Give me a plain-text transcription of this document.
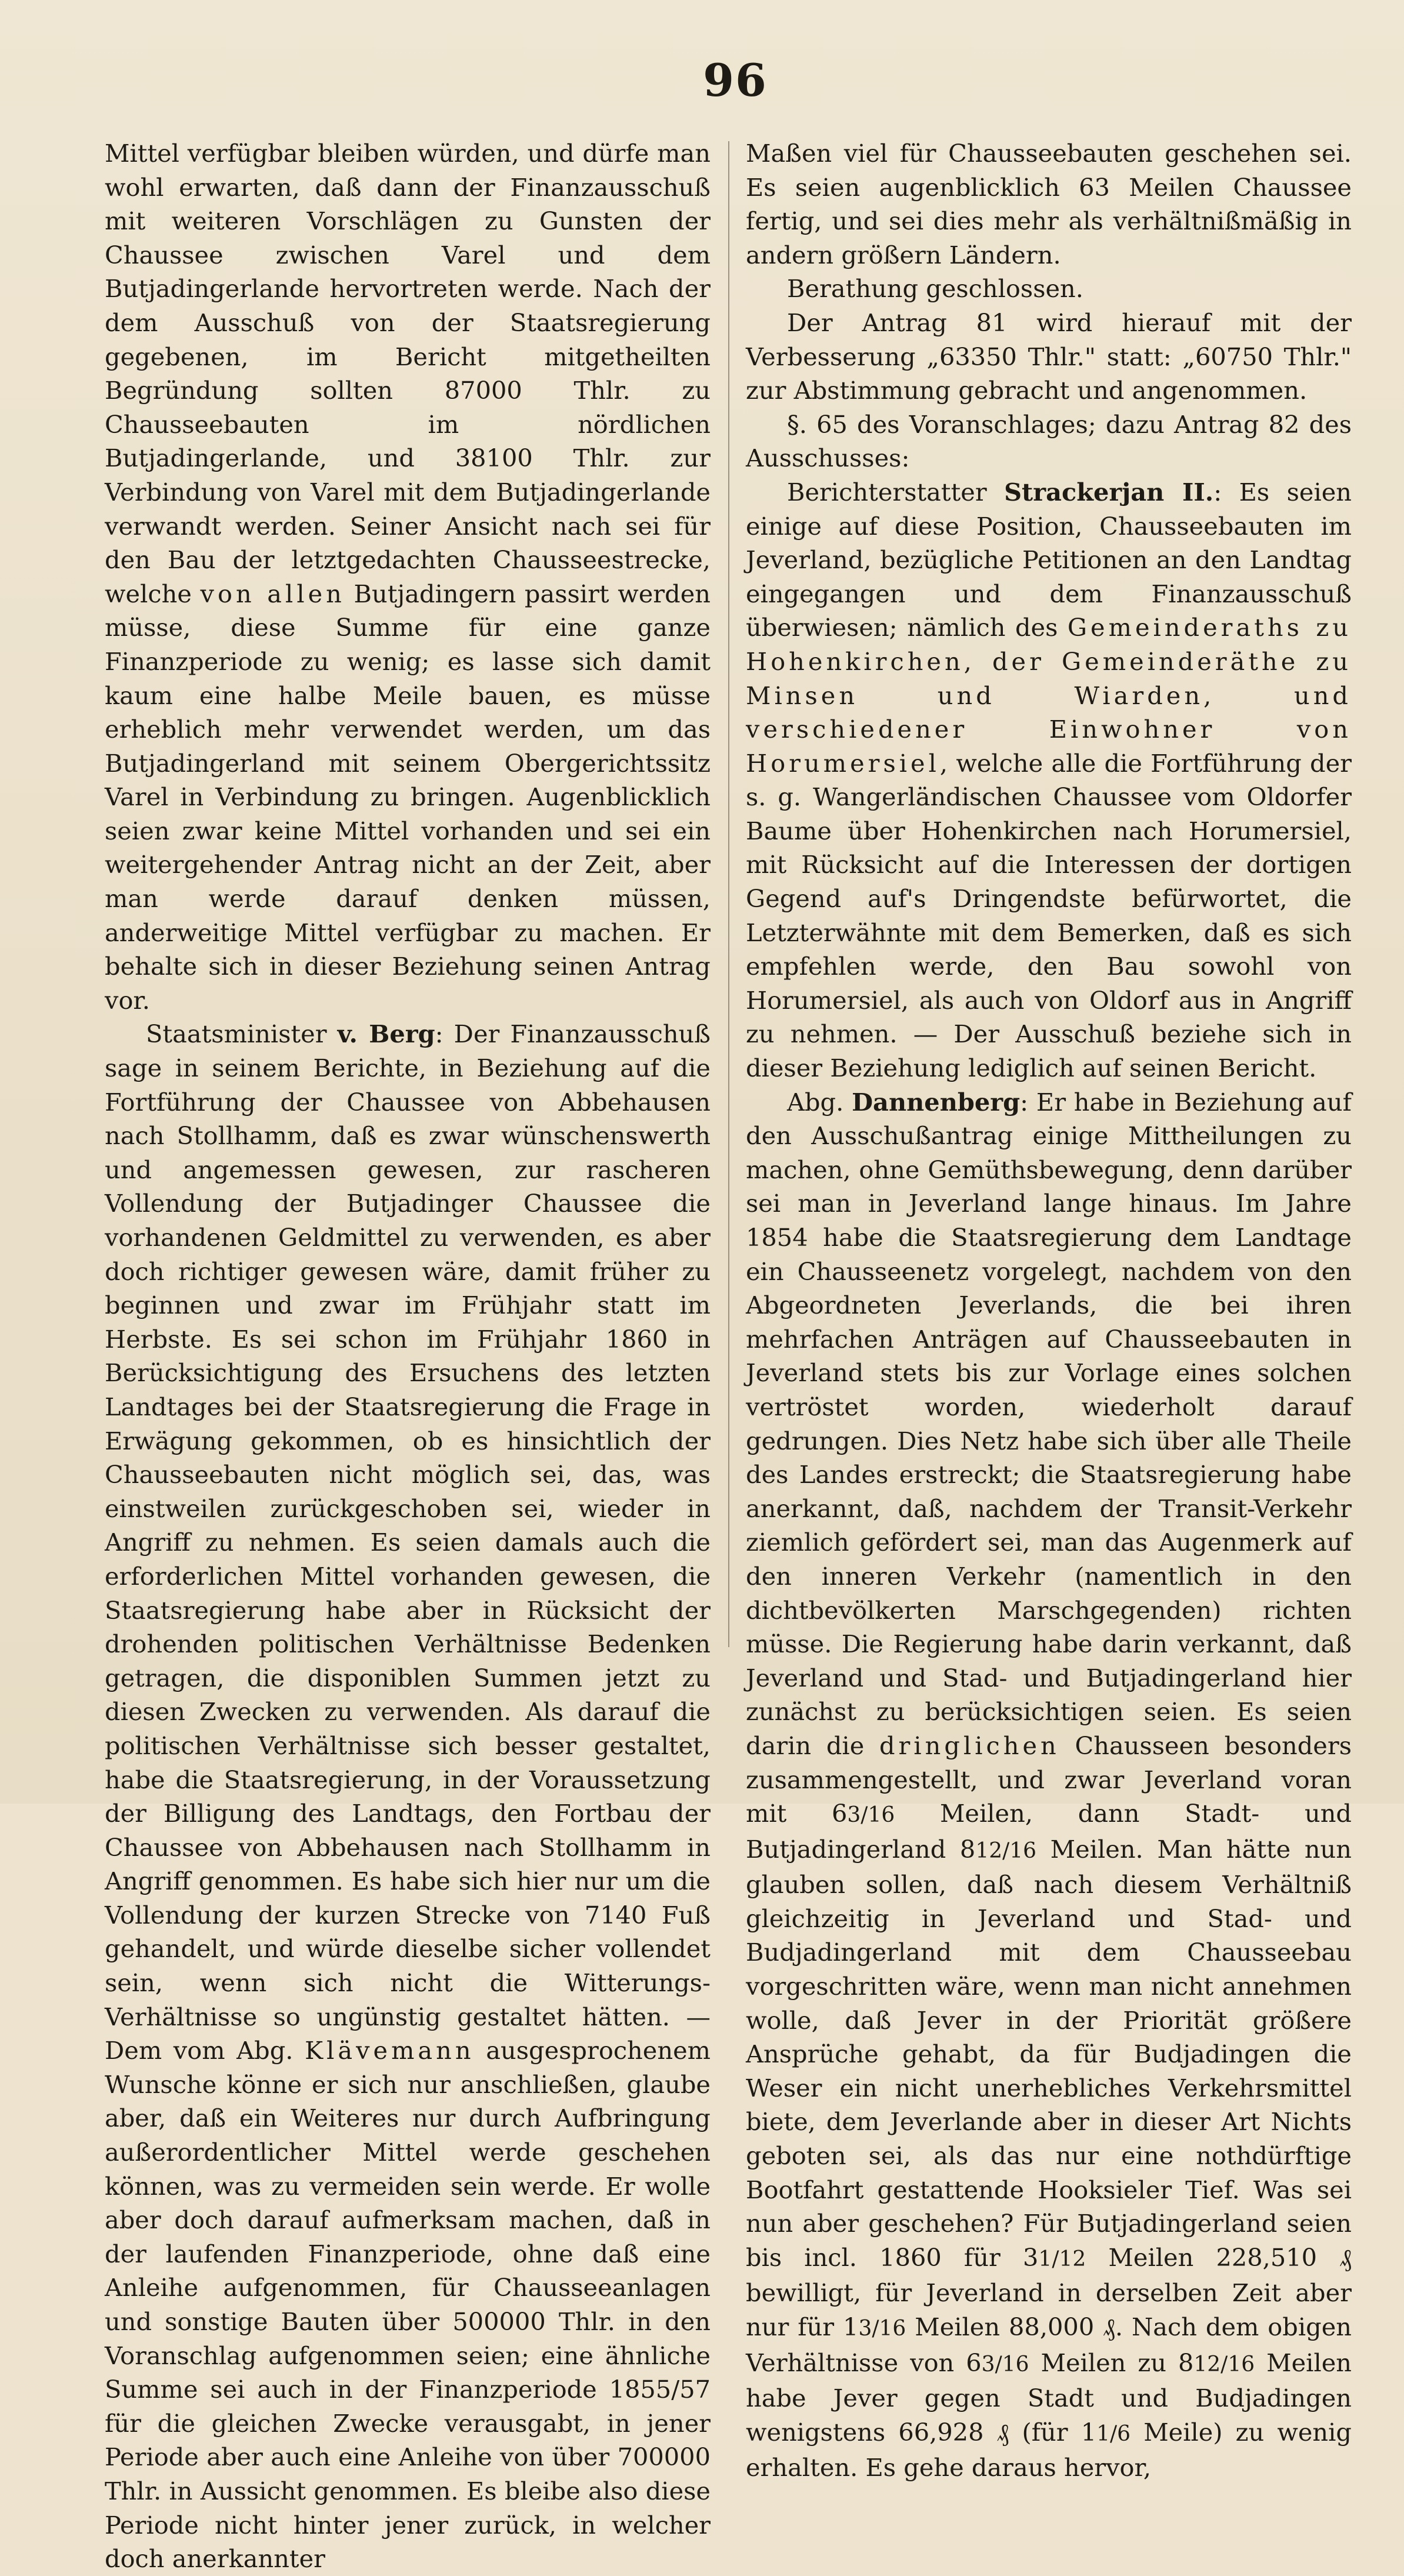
96

Mittel verfügbar bleiben würden, und dürfe man wohl erwarten, daß dann der Finanzausschuß mit weiteren Vorschlägen zu Gunsten der Chaussee zwischen Varel und dem Butjadingerlande hervortreten werde. Nach der dem Ausschuß von der Staatsregierung gegebenen, im Bericht mitgetheilten Begründung sollten 87000 Thlr. zu Chausseebauten im nördlichen Butjadingerlande, und 38100 Thlr. zur Verbindung von Varel mit dem Butjadingerlande verwandt werden. Seiner Ansicht nach sei für den Bau der letztgedachten Chausseestrecke, welche von allen Butjadingern passirt werden müsse, diese Summe für eine ganze Finanzperiode zu wenig; es lasse sich damit kaum eine halbe Meile bauen, es müsse erheblich mehr verwendet werden, um das Butjadingerland mit seinem Obergerichtssitz Varel in Verbindung zu bringen. Augenblicklich seien zwar keine Mittel vorhanden und sei ein weitergehender Antrag nicht an der Zeit, aber man werde darauf denken müssen, anderweitige Mittel verfügbar zu machen. Er behalte sich in dieser Beziehung seinen Antrag vor.

Staatsminister v. Berg: Der Finanzausschuß sage in seinem Berichte, in Beziehung auf die Fortführung der Chaussee von Abbehausen nach Stollhamm, daß es zwar wünschenswerth und angemessen gewesen, zur rascheren Vollendung der Butjadinger Chaussee die vorhandenen Geldmittel zu verwenden, es aber doch richtiger gewesen wäre, damit früher zu beginnen und zwar im Frühjahr statt im Herbste. Es sei schon im Frühjahr 1860 in Berücksichtigung des Ersuchens des letzten Landtages bei der Staatsregierung die Frage in Erwägung gekommen, ob es hinsichtlich der Chausseebauten nicht möglich sei, das, was einstweilen zurückgeschoben sei, wieder in Angriff zu nehmen. Es seien damals auch die erforderlichen Mittel vorhanden gewesen, die Staatsregierung habe aber in Rücksicht der drohenden politischen Verhältnisse Bedenken getragen, die disponiblen Summen jetzt zu diesen Zwecken zu verwenden. Als darauf die politischen Verhältnisse sich besser gestaltet, habe die Staatsregierung, in der Voraussetzung der Billigung des Landtags, den Fortbau der Chaussee von Abbehausen nach Stollhamm in Angriff genommen. Es habe sich hier nur um die Vollendung der kurzen Strecke von 7140 Fuß gehandelt, und würde dieselbe sicher vollendet sein, wenn sich nicht die Witterungs-Verhältnisse so ungünstig gestaltet hätten. — Dem vom Abg. Klävemann ausgesprochenem Wunsche könne er sich nur anschließen, glaube aber, daß ein Weiteres nur durch Aufbringung außerordentlicher Mittel werde geschehen können, was zu vermeiden sein werde. Er wolle aber doch darauf aufmerksam machen, daß in der laufenden Finanzperiode, ohne daß eine Anleihe aufgenommen, für Chausseeanlagen und sonstige Bauten über 500000 Thlr. in den Voranschlag aufgenommen seien; eine ähnliche Summe sei auch in der Finanzperiode 1855/57 für die gleichen Zwecke verausgabt, in jener Periode aber auch eine Anleihe von über 700000 Thlr. in Aussicht genommen. Es bleibe also diese Periode nicht hinter jener zurück, in welcher doch anerkannter

Maßen viel für Chausseebauten geschehen sei. Es seien augenblicklich 63 Meilen Chaussee fertig, und sei dies mehr als verhältnißmäßig in andern größern Ländern.

Berathung geschlossen.

Der Antrag 81 wird hierauf mit der Verbesserung „63350 Thlr." statt: „60750 Thlr." zur Abstimmung gebracht und angenommen.

§. 65 des Voranschlages; dazu Antrag 82 des Ausschusses:

Berichterstatter Strackerjan II.: Es seien einige auf diese Position, Chausseebauten im Jeverland, bezügliche Petitionen an den Landtag eingegangen und dem Finanzausschuß überwiesen; nämlich des Gemeinderaths zu Hohenkirchen, der Gemeinderäthe zu Minsen und Wiarden, und verschiedener Einwohner von Horumersiel, welche alle die Fortführung der s. g. Wangerländischen Chaussee vom Oldorfer Baume über Hohenkirchen nach Horumersiel, mit Rücksicht auf die Interessen der dortigen Gegend auf's Dringendste befürwortet, die Letzterwähnte mit dem Bemerken, daß es sich empfehlen werde, den Bau sowohl von Horumersiel, als auch von Oldorf aus in Angriff zu nehmen. — Der Ausschuß beziehe sich in dieser Beziehung lediglich auf seinen Bericht.

Abg. Dannenberg: Er habe in Beziehung auf den Ausschußantrag einige Mittheilungen zu machen, ohne Gemüthsbewegung, denn darüber sei man in Jeverland lange hinaus. Im Jahre 1854 habe die Staatsregierung dem Landtage ein Chausseenetz vorgelegt, nachdem von den Abgeordneten Jeverlands, die bei ihren mehrfachen Anträgen auf Chausseebauten in Jeverland stets bis zur Vorlage eines solchen vertröstet worden, wiederholt darauf gedrungen. Dies Netz habe sich über alle Theile des Landes erstreckt; die Staatsregierung habe anerkannt, daß, nachdem der Transit-Verkehr ziemlich gefördert sei, man das Augenmerk auf den inneren Verkehr (namentlich in den dichtbevölkerten Marschgegenden) richten müsse. Die Regierung habe darin verkannt, daß Jeverland und Stad- und Butjadingerland hier zunächst zu berücksichtigen seien. Es seien darin die dringlichen Chausseen besonders zusammengestellt, und zwar Jeverland voran mit 63/16 Meilen, dann Stadt- und Butjadingerland 812/16 Meilen. Man hätte nun glauben sollen, daß nach diesem Verhältniß gleichzeitig in Jeverland und Stad- und Budjadingerland mit dem Chausseebau vorgeschritten wäre, wenn man nicht annehmen wolle, daß Jever in der Priorität größere Ansprüche gehabt, da für Budjadingen die Weser ein nicht unerhebliches Verkehrsmittel biete, dem Jeverlande aber in dieser Art Nichts geboten sei, als das nur eine nothdürftige Bootfahrt gestattende Hooksieler Tief. Was sei nun aber geschehen? Für Butjadingerland seien bis incl. 1860 für 31/12 Meilen 228,510 ₰ bewilligt, für Jeverland in derselben Zeit aber nur für 13/16 Meilen 88,000 ₰. Nach dem obigen Verhältnisse von 63/16 Meilen zu 812/16 Meilen habe Jever gegen Stadt und Budjadingen wenigstens 66,928 ₰ (für 11/6 Meile) zu wenig erhalten. Es gehe daraus hervor,
